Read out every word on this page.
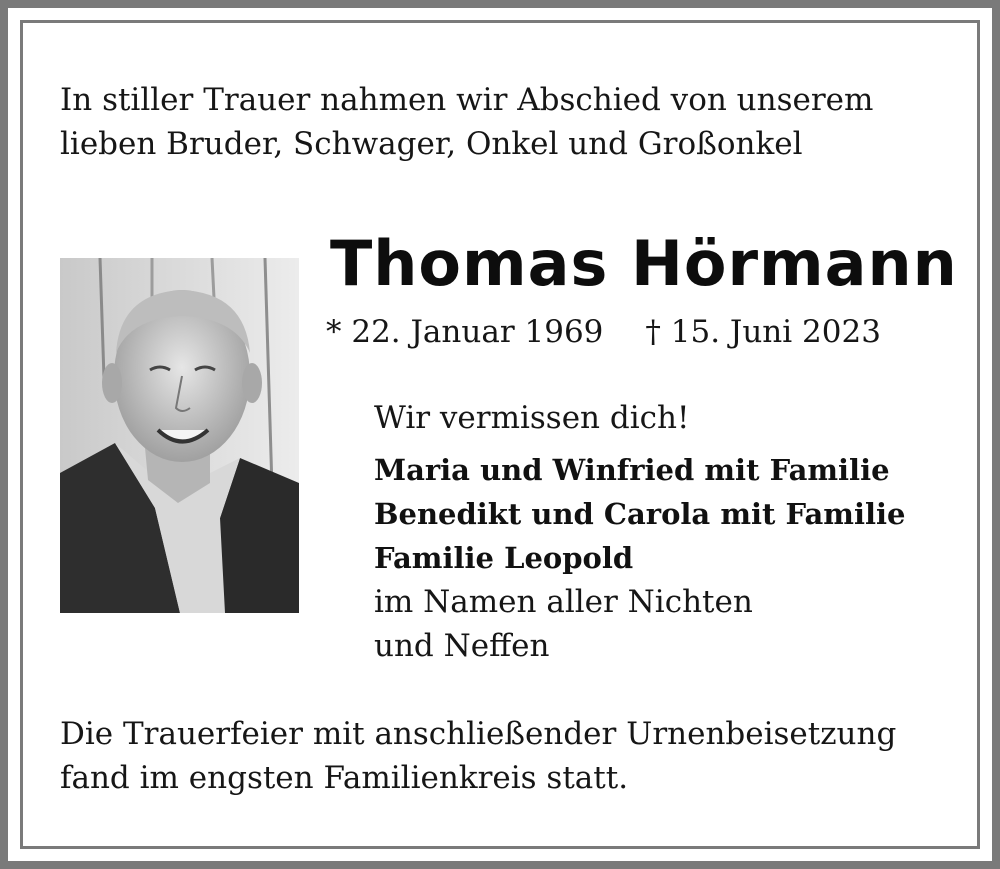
In stiller Trauer nahmen wir Abschied von unserem
lieben Bruder, Schwager, Onkel und Großonkel
Thomas Hörmann
* 22. Januar 1969 † 15. Juni 2023
Wir vermissen dich!
Maria und Winfried mit Familie
Benedikt und Carola mit Familie
Familie Leopold
im Namen aller Nichten
und Neffen
Die Trauerfeier mit anschließender Urnenbeisetzung
fand im engsten Familienkreis statt.
